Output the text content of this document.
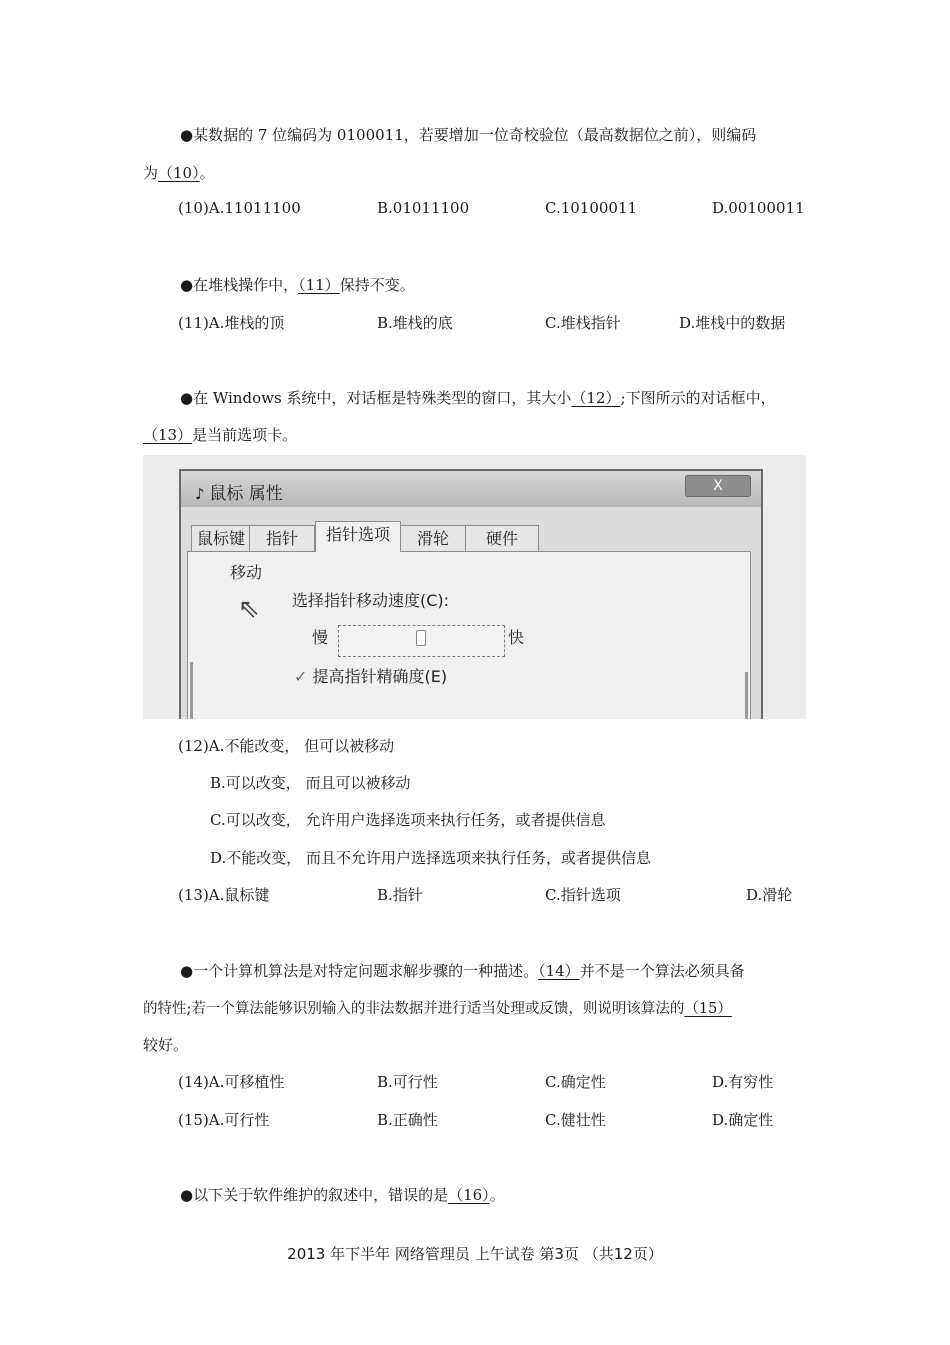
●某数据的 7 位编码为 0100011，若要增加一位奇校验位（最高数据位之前），则编码
为（10）。
(10)A.11011100	B.01011100	C.10100011	D.00100011
●在堆栈操作中，（11）保持不变。
(11)A.堆栈的顶	B.堆栈的底	C.堆栈指针	D.堆栈中的数据
●在 Windows 系统中，对话框是特殊类型的窗口，其大小（12）;下图所示的对话框中，
（13）是当前选项卡。
♪ 鼠标 属性	X
鼠标键	指针	指针选项	滑轮	硬件
移动
⇖ 选择指针移动速度(C):
慢	快
✓ 提高指针精确度(E)
(12)A.不能改变， 但可以被移动
B.可以改变， 而且可以被移动
C.可以改变， 允许用户选择选项来执行任务，或者提供信息
D.不能改变， 而且不允许用户选择选项来执行任务，或者提供信息
(13)A.鼠标键	B.指针	C.指针选项	D.滑轮
●一个计算机算法是对特定问题求解步骤的一种描述。（14）并不是一个算法必须具备
的特性;若一个算法能够识别输入的非法数据并进行适当处理或反馈，则说明该算法的（15）
较好。
(14)A.可移植性	B.可行性	C.确定性	D.有穷性
(15)A.可行性	B.正确性	C.健壮性	D.确定性
●以下关于软件维护的叙述中，错误的是（16）。
2013 年下半年 网络管理员 上午试卷 第3页 （共12页）
